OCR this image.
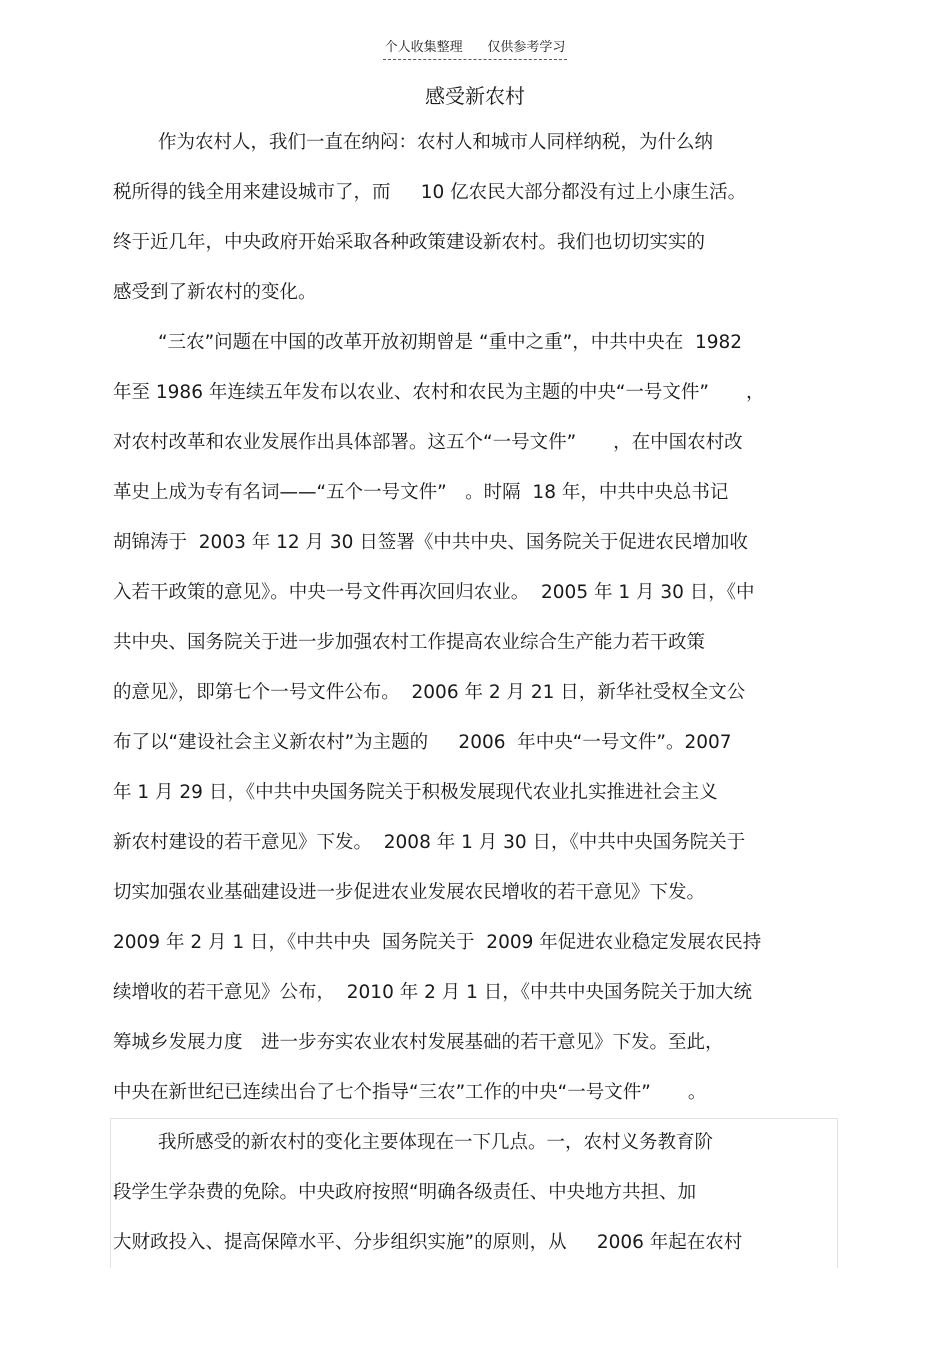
个人收集整理      仅供参考学习
感受新农村
作为农村人，我们一直在纳闷：农村人和城市人同样纳税，为什么纳
税所得的钱全用来建设城市了，而　  10 亿农民大部分都没有过上小康生活。
终于近几年，中央政府开始采取各种政策建设新农村。我们也切切实实的
感受到了新农村的变化。
“三农”问题在中国的改革开放初期曾是 “重中之重”，中共中央在  1982
年至 1986 年连续五年发布以农业、农村和农民为主题的中央“一号文件”　　，
对农村改革和农业发展作出具体部署。这五个“一号文件”　　，在中国农村改
革史上成为专有名词——“五个一号文件”　。时隔  18 年，中共中央总书记
胡锦涛于  2003 年 12 月 30 日签署《中共中央、国务院关于促进农民增加收
入若干政策的意见》。中央一号文件再次回归农业。  2005 年 1 月 30 日，《中
共中央、国务院关于进一步加强农村工作提高农业综合生产能力若干政策
的意见》，即第七个一号文件公布。  2006 年 2 月 21 日，新华社受权全文公
布了以“建设社会主义新农村”为主题的　  2006  年中央“一号文件”。2007
年 1 月 29 日，《中共中央国务院关于积极发展现代农业扎实推进社会主义
新农村建设的若干意见》下发。  2008 年 1 月 30 日，《中共中央国务院关于
切实加强农业基础建设进一步促进农业发展农民增收的若干意见》下发。
2009 年 2 月 1 日，《中共中央  国务院关于  2009 年促进农业稳定发展农民持
续增收的若干意见》公布，  2010 年 2 月 1 日，《中共中央国务院关于加大统
筹城乡发展力度　进一步夯实农业农村发展基础的若干意见》下发。至此，
中央在新世纪已连续出台了七个指导“三农”工作的中央“一号文件”　　。
我所感受的新农村的变化主要体现在一下几点。一，农村义务教育阶
段学生学杂费的免除。中央政府按照“明确各级责任、中央地方共担、加
大财政投入、提高保障水平、分步组织实施”的原则，从　  2006 年起在农村
